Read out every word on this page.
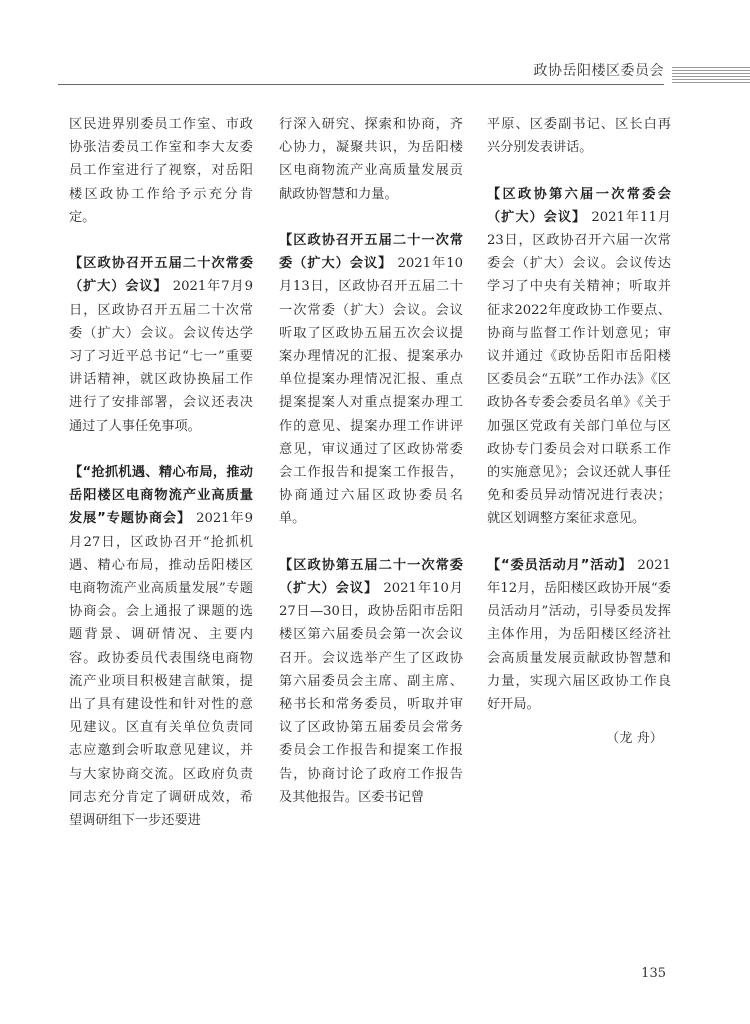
政协岳阳楼区委员会

区民进界别委员工作室、市政协张洁委员工作室和李大友委员工作室进行了视察，对岳阳楼区政协工作给予示充分肯定。

【区政协召开五届二十次常委（扩大）会议】 2021年7月9日，区政协召开五届二十次常委（扩大）会议。会议传达学习了习近平总书记“七一”重要讲话精神，就区政协换届工作进行了安排部署，会议还表决通过了人事任免事项。

【“抢抓机遇、精心布局，推动岳阳楼区电商物流产业高质量发展”专题协商会】 2021年9月27日，区政协召开“抢抓机遇、精心布局，推动岳阳楼区电商物流产业高质量发展”专题协商会。会上通报了课题的选题背景、调研情况、主要内容。政协委员代表围绕电商物流产业项目积极建言献策，提出了具有建设性和针对性的意见建议。区直有关单位负责同志应邀到会听取意见建议，并与大家协商交流。区政府负责同志充分肯定了调研成效，希望调研组下一步还要进

行深入研究、探索和协商，齐心协力，凝聚共识，为岳阳楼区电商物流产业高质量发展贡献政协智慧和力量。

【区政协召开五届二十一次常委（扩大）会议】 2021年10月13日，区政协召开五届二十一次常委（扩大）会议。会议听取了区政协五届五次会议提案办理情况的汇报、提案承办单位提案办理情况汇报、重点提案提案人对重点提案办理工作的意见、提案办理工作讲评意见，审议通过了区政协常委会工作报告和提案工作报告，协商通过六届区政协委员名单。

【区政协第五届二十一次常委（扩大）会议】 2021年10月27日—30日，政协岳阳市岳阳楼区第六届委员会第一次会议召开。会议选举产生了区政协第六届委员会主席、副主席、秘书长和常务委员，听取并审议了区政协第五届委员会常务委员会工作报告和提案工作报告，协商讨论了政府工作报告及其他报告。区委书记曾

平原、区委副书记、区长白再兴分别发表讲话。

【区政协第六届一次常委会（扩大）会议】 2021年11月23日，区政协召开六届一次常委会（扩大）会议。会议传达学习了中央有关精神；听取并征求2022年度政协工作要点、协商与监督工作计划意见；审议并通过《政协岳阳市岳阳楼区委员会“五联”工作办法》《区政协各专委会委员名单》《关于加强区党政有关部门单位与区政协专门委员会对口联系工作的实施意见》；会议还就人事任免和委员异动情况进行表决；就区划调整方案征求意见。

【“委员活动月”活动】 2021年12月，岳阳楼区政协开展“委员活动月”活动，引导委员发挥主体作用，为岳阳楼区经济社会高质量发展贡献政协智慧和力量，实现六届区政协工作良好开局。

（龙 舟）
135
